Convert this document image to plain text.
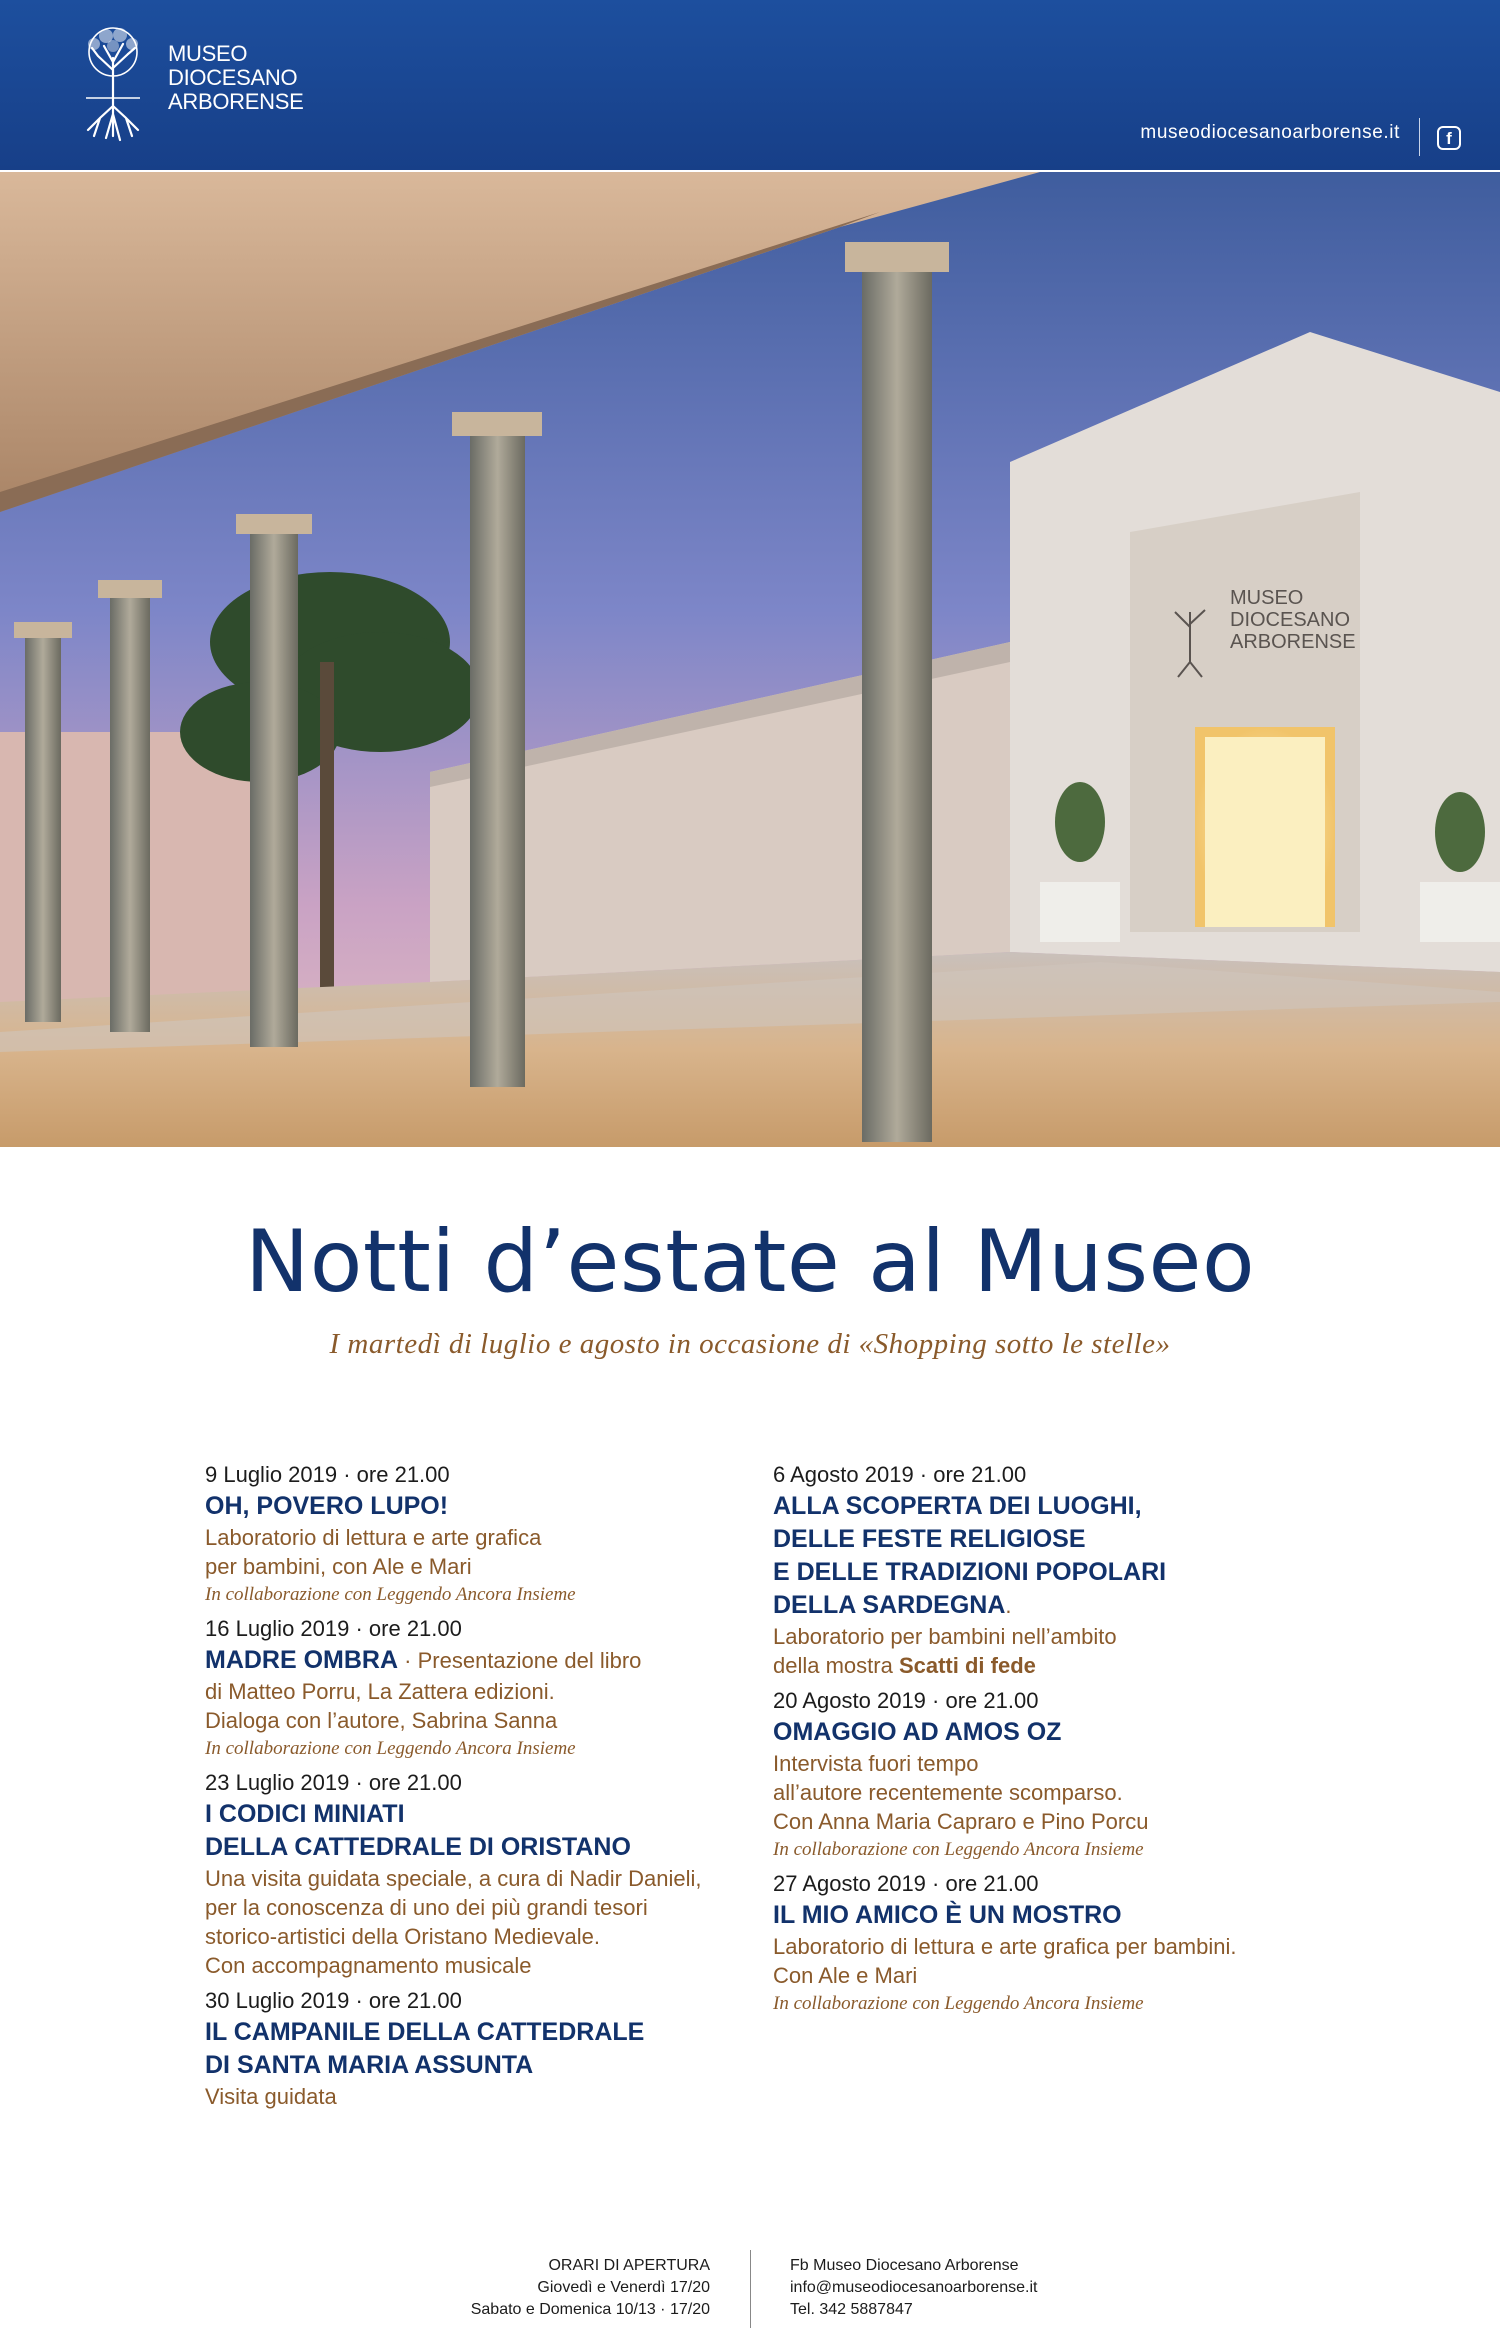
MUSEO
DIOCESANO
ARBORENSE
museodiocesanoarborense.it	f
MUSEO
DIOCESANO
ARBORENSE
Notti d’estate al Museo
I martedì di luglio e agosto in occasione di «Shopping sotto le stelle»
9 Luglio 2019 · ore 21.00
OH, POVERO LUPO!
Laboratorio di lettura e arte grafica
per bambini, con Ale e Mari
In collaborazione con Leggendo Ancora Insieme
16 Luglio 2019 · ore 21.00
MADRE OMBRA · Presentazione del libro
di Matteo Porru, La Zattera edizioni.
Dialoga con l’autore, Sabrina Sanna
In collaborazione con Leggendo Ancora Insieme
23 Luglio 2019 · ore 21.00
I CODICI MINIATI
DELLA CATTEDRALE DI ORISTANO
Una visita guidata speciale, a cura di Nadir Danieli,
per la conoscenza di uno dei più grandi tesori
storico-artistici della Oristano Medievale.
Con accompagnamento musicale
30 Luglio 2019 · ore 21.00
IL CAMPANILE DELLA CATTEDRALE
DI SANTA MARIA ASSUNTA
Visita guidata
6 Agosto 2019 · ore 21.00
ALLA SCOPERTA DEI LUOGHI,
DELLE FESTE RELIGIOSE
E DELLE TRADIZIONI POPOLARI
DELLA SARDEGNA.
Laboratorio per bambini nell’ambito
della mostra Scatti di fede
20 Agosto 2019 · ore 21.00
OMAGGIO AD AMOS OZ
Intervista fuori tempo
all’autore recentemente scomparso.
Con Anna Maria Capraro e Pino Porcu
In collaborazione con Leggendo Ancora Insieme
27 Agosto 2019 · ore 21.00
IL MIO AMICO È UN MOSTRO
Laboratorio di lettura e arte grafica per bambini.
Con Ale e Mari
In collaborazione con Leggendo Ancora Insieme
ORARI DI APERTURA
Giovedì e Venerdì 17/20
Sabato e Domenica 10/13 · 17/20
Fb Museo Diocesano Arborense
info@museodiocesanoarborense.it
Tel. 342 5887847
